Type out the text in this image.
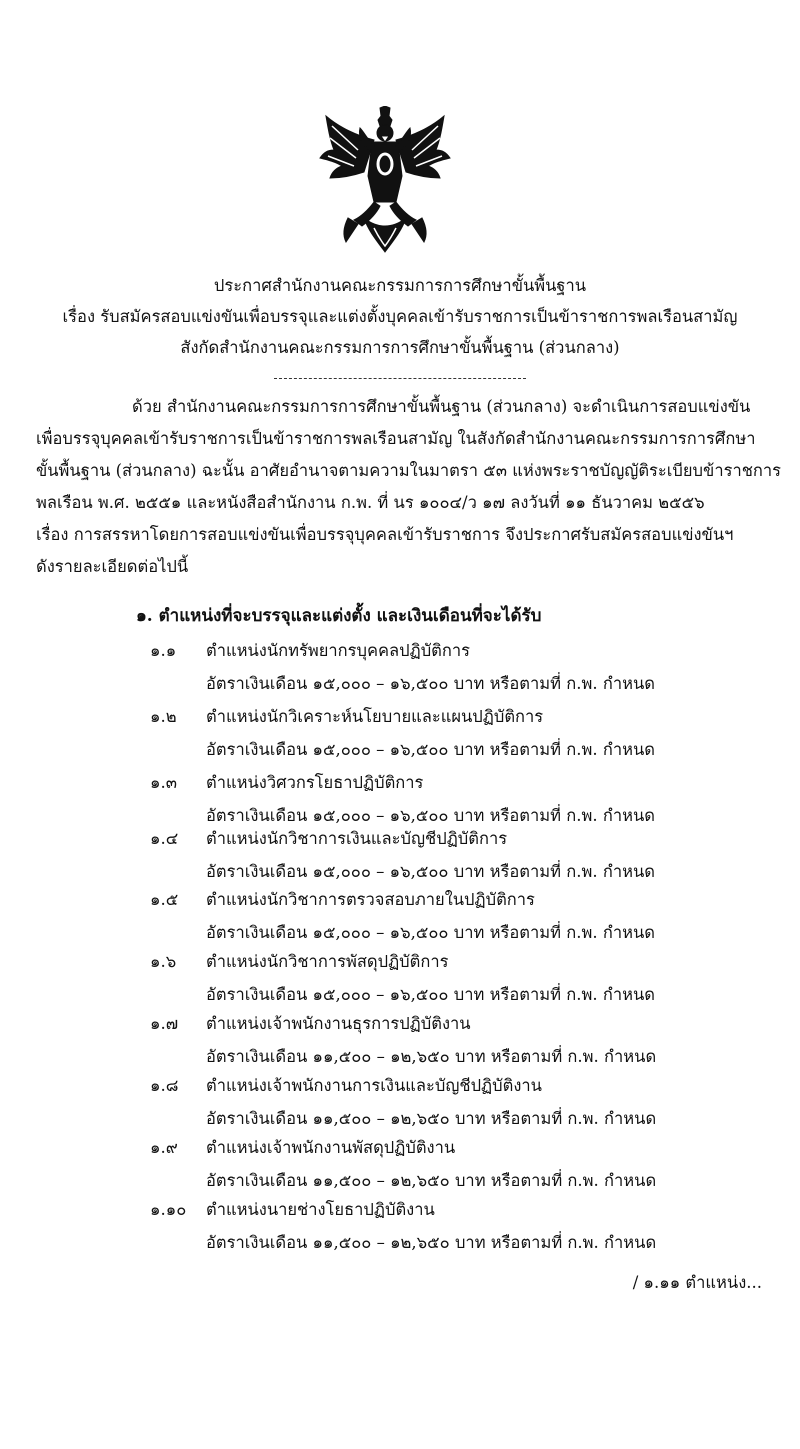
ประกาศสำนักงานคณะกรรมการการศึกษาขั้นพื้นฐาน
เรื่อง รับสมัครสอบแข่งขันเพื่อบรรจุและแต่งตั้งบุคคลเข้ารับราชการเป็นข้าราชการพลเรือนสามัญ
สังกัดสำนักงานคณะกรรมการการศึกษาขั้นพื้นฐาน (ส่วนกลาง)
ด้วย สำนักงานคณะกรรมการการศึกษาขั้นพื้นฐาน (ส่วนกลาง) จะดำเนินการสอบแข่งขัน
เพื่อบรรจุบุคคลเข้ารับราชการเป็นข้าราชการพลเรือนสามัญ ในสังกัดสำนักงานคณะกรรมการการศึกษา
ขั้นพื้นฐาน (ส่วนกลาง) ฉะนั้น อาศัยอำนาจตามความในมาตรา ๕๓ แห่งพระราชบัญญัติระเบียบข้าราชการ
พลเรือน พ.ศ. ๒๕๕๑ และหนังสือสำนักงาน ก.พ. ที่ นร ๑๐๐๔/ว ๑๗ ลงวันที่ ๑๑ ธันวาคม ๒๕๕๖
เรื่อง การสรรหาโดยการสอบแข่งขันเพื่อบรรจุบุคคลเข้ารับราชการ จึงประกาศรับสมัครสอบแข่งขันฯ
ดังรายละเอียดต่อไปนี้
๑. ตำแหน่งที่จะบรรจุและแต่งตั้ง และเงินเดือนที่จะได้รับ
๑.๑ ตำแหน่งนักทรัพยากรบุคคลปฏิบัติการ
อัตราเงินเดือน ๑๕,๐๐๐ – ๑๖,๕๐๐ บาท หรือตามที่ ก.พ. กำหนด
๑.๒ ตำแหน่งนักวิเคราะห์นโยบายและแผนปฏิบัติการ
อัตราเงินเดือน ๑๕,๐๐๐ – ๑๖,๕๐๐ บาท หรือตามที่ ก.พ. กำหนด
๑.๓ ตำแหน่งวิศวกรโยธาปฏิบัติการ
อัตราเงินเดือน ๑๕,๐๐๐ – ๑๖,๕๐๐ บาท หรือตามที่ ก.พ. กำหนด
๑.๔ ตำแหน่งนักวิชาการเงินและบัญชีปฏิบัติการ
อัตราเงินเดือน ๑๕,๐๐๐ – ๑๖,๕๐๐ บาท หรือตามที่ ก.พ. กำหนด
๑.๕ ตำแหน่งนักวิชาการตรวจสอบภายในปฏิบัติการ
อัตราเงินเดือน ๑๕,๐๐๐ – ๑๖,๕๐๐ บาท หรือตามที่ ก.พ. กำหนด
๑.๖ ตำแหน่งนักวิชาการพัสดุปฏิบัติการ
อัตราเงินเดือน ๑๕,๐๐๐ – ๑๖,๕๐๐ บาท หรือตามที่ ก.พ. กำหนด
๑.๗ ตำแหน่งเจ้าพนักงานธุรการปฏิบัติงาน
อัตราเงินเดือน ๑๑,๕๐๐ – ๑๒,๖๕๐ บาท หรือตามที่ ก.พ. กำหนด
๑.๘ ตำแหน่งเจ้าพนักงานการเงินและบัญชีปฏิบัติงาน
อัตราเงินเดือน ๑๑,๕๐๐ – ๑๒,๖๕๐ บาท หรือตามที่ ก.พ. กำหนด
๑.๙ ตำแหน่งเจ้าพนักงานพัสดุปฏิบัติงาน
อัตราเงินเดือน ๑๑,๕๐๐ – ๑๒,๖๕๐ บาท หรือตามที่ ก.พ. กำหนด
๑.๑๐ ตำแหน่งนายช่างโยธาปฏิบัติงาน
อัตราเงินเดือน ๑๑,๕๐๐ – ๑๒,๖๕๐ บาท หรือตามที่ ก.พ. กำหนด
/ ๑.๑๑ ตำแหน่ง...
